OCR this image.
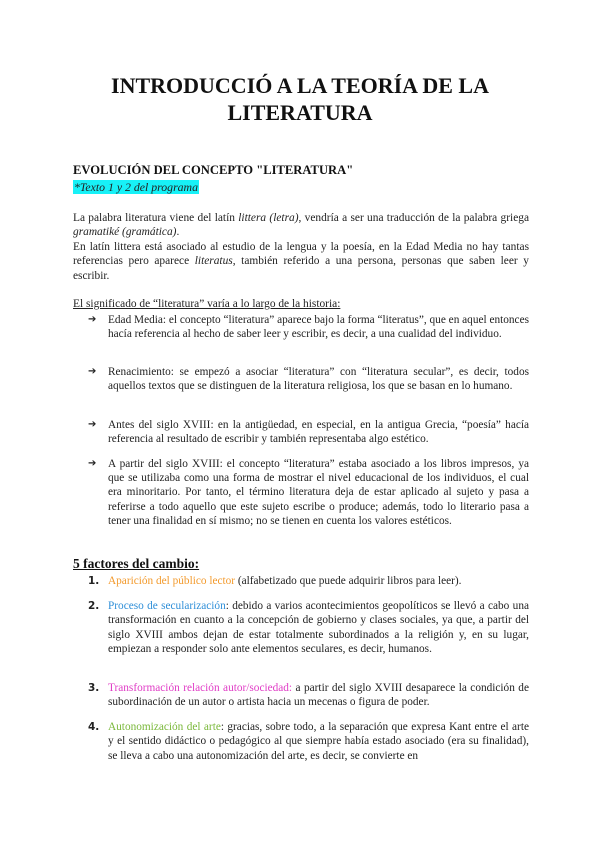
INTRODUCCIÓ A LA TEORÍA DE LA LITERATURA
EVOLUCIÓN DEL CONCEPTO "LITERATURA"
*Texto 1 y 2 del programa
La palabra literatura viene del latín littera (letra), vendría a ser una traducción de la palabra griega gramatiké (gramática).
En latín littera está asociado al estudio de la lengua y la poesía, en la Edad Media no hay tantas referencias pero aparece literatus, también referido a una persona, personas que saben leer y escribir.
El significado de “literatura” varía a lo largo de la historia:
➔ Edad Media: el concepto “literatura” aparece bajo la forma “literatus”, que en aquel entonces hacía referencia al hecho de saber leer y escribir, es decir, a una cualidad del individuo.
➔ Renacimiento: se empezó a asociar “literatura” con “literatura secular”, es decir, todos aquellos textos que se distinguen de la literatura religiosa, los que se basan en lo humano.
➔ Antes del siglo XVIII: en la antigüedad, en especial, en la antigua Grecia, “poesía” hacía referencia al resultado de escribir y también representaba algo estético.
➔ A partir del siglo XVIII: el concepto “literatura” estaba asociado a los libros impresos, ya que se utilizaba como una forma de mostrar el nivel educacional de los individuos, el cual era minoritario. Por tanto, el término literatura deja de estar aplicado al sujeto y pasa a referirse a todo aquello que este sujeto escribe o produce; además, todo lo literario pasa a tener una finalidad en sí mismo; no se tienen en cuenta los valores estéticos.
5 factores del cambio:
1. Aparición del público lector (alfabetizado que puede adquirir libros para leer).
2. Proceso de secularización: debido a varios acontecimientos geopolíticos se llevó a cabo una transformación en cuanto a la concepción de gobierno y clases sociales, ya que, a partir del siglo XVIII ambos dejan de estar totalmente subordinados a la religión y, en su lugar, empiezan a responder solo ante elementos seculares, es decir, humanos.
3. Transformación relación autor/sociedad: a partir del siglo XVIII desaparece la condición de subordinación de un autor o artista hacia un mecenas o figura de poder.
4. Autonomización del arte: gracias, sobre todo, a la separación que expresa Kant entre el arte y el sentido didáctico o pedagógico al que siempre había estado asociado (era su finalidad), se lleva a cabo una autonomización del arte, es decir, se convierte en
